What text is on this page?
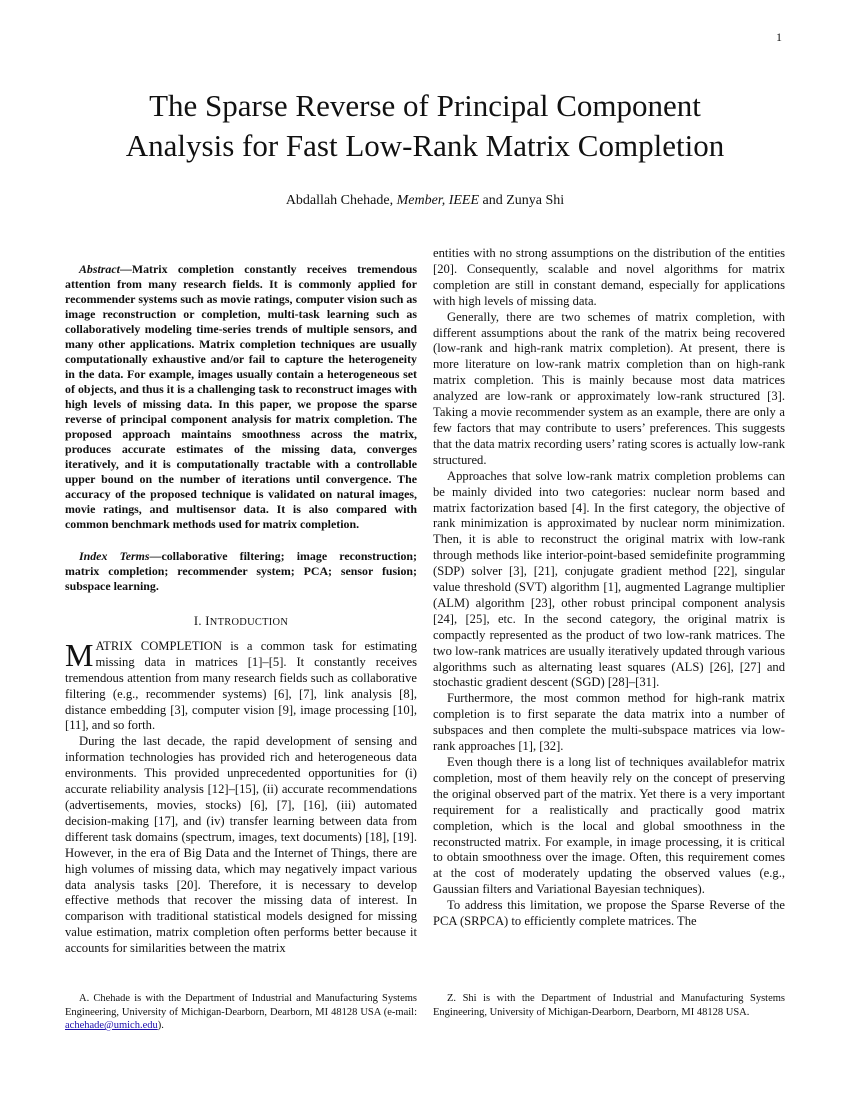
1
The Sparse Reverse of Principal Component
Analysis for Fast Low-Rank Matrix Completion
Abdallah Chehade, Member, IEEE and Zunya Shi
Abstract—Matrix completion constantly receives tremendous attention from many research fields. It is commonly applied for recommender systems such as movie ratings, computer vision such as image reconstruction or completion, multi-task learning such as collaboratively modeling time-series trends of multiple sensors, and many other applications. Matrix completion techniques are usually computationally exhaustive and/or fail to capture the heterogeneity in the data. For example, images usually contain a heterogeneous set of objects, and thus it is a challenging task to reconstruct images with high levels of missing data. In this paper, we propose the sparse reverse of principal component analysis for matrix completion. The proposed approach maintains smoothness across the matrix, produces accurate estimates of the missing data, converges iteratively, and it is computationally tractable with a controllable upper bound on the number of iterations until convergence. The accuracy of the proposed technique is validated on natural images, movie ratings, and multisensor data. It is also compared with common benchmark methods used for matrix completion.
Index Terms—collaborative filtering; image reconstruction; matrix completion; recommender system; PCA; sensor fusion; subspace learning.
I. INTRODUCTION

MATRIX COMPLETION is a common task for estimating missing data in matrices [1]–[5]. It constantly receives tremendous attention from many research fields such as collaborative filtering (e.g., recommender systems) [6], [7], link analysis [8], distance embedding [3], computer vision [9], image processing [10], [11], and so forth.

During the last decade, the rapid development of sensing and information technologies has provided rich and heterogeneous data environments. This provided unprecedented opportunities for (i) accurate reliability analysis [12]–[15], (ii) accurate recommendations (advertisements, movies, stocks) [6], [7], [16], (iii) automated decision-making [17], and (iv) transfer learning between data from different task domains (spectrum, images, text documents) [18], [19]. However, in the era of Big Data and the Internet of Things, there are high volumes of missing data, which may negatively impact various data analysis tasks [20]. Therefore, it is necessary to develop effective methods that recover the missing data of interest. In comparison with traditional statistical models designed for missing value estimation, matrix completion often performs better because it accounts for similarities between the matrix

entities with no strong assumptions on the distribution of the entities [20]. Consequently, scalable and novel algorithms for matrix completion are still in constant demand, especially for applications with high levels of missing data.

Generally, there are two schemes of matrix completion, with different assumptions about the rank of the matrix being recovered (low-rank and high-rank matrix completion). At present, there is more literature on low-rank matrix completion than on high-rank matrix completion. This is mainly because most data matrices analyzed are low-rank or approximately low-rank structured [3]. Taking a movie recommender system as an example, there are only a few factors that may contribute to users’ preferences. This suggests that the data matrix recording users’ rating scores is actually low-rank structured.

Approaches that solve low-rank matrix completion problems can be mainly divided into two categories: nuclear norm based and matrix factorization based [4]. In the first category, the objective of rank minimization is approximated by nuclear norm minimization. Then, it is able to reconstruct the original matrix with low-rank through methods like interior-point-based semidefinite programming (SDP) solver [3], [21], conjugate gradient method [22], singular value threshold (SVT) algorithm [1], augmented Lagrange multiplier (ALM) algorithm [23], other robust principal component analysis [24], [25], etc. In the second category, the original matrix is compactly represented as the product of two low-rank matrices. The two low-rank matrices are usually iteratively updated through various algorithms such as alternating least squares (ALS) [26], [27] and stochastic gradient descent (SGD) [28]–[31].

Furthermore, the most common method for high-rank matrix completion is to first separate the data matrix into a number of subspaces and then complete the multi-subspace matrices via low-rank approaches [1], [32].

Even though there is a long list of techniques availablefor matrix completion, most of them heavily rely on the concept of preserving the original observed part of the matrix. Yet there is a very important requirement for a realistically and practically good matrix completion, which is the local and global smoothness in the reconstructed matrix. For example, in image processing, it is critical to obtain smoothness over the image. Often, this requirement comes at the cost of moderately updating the observed values (e.g., Gaussian filters and Variational Bayesian techniques).

To address this limitation, we propose the Sparse Reverse of the PCA (SRPCA) to efficiently complete matrices. The

A. Chehade is with the Department of Industrial and Manufacturing Systems Engineering, University of Michigan-Dearborn, Dearborn, MI 48128 USA (e-mail: achehade@umich.edu).

Z. Shi is with the Department of Industrial and Manufacturing Systems Engineering, University of Michigan-Dearborn, Dearborn, MI 48128 USA.
